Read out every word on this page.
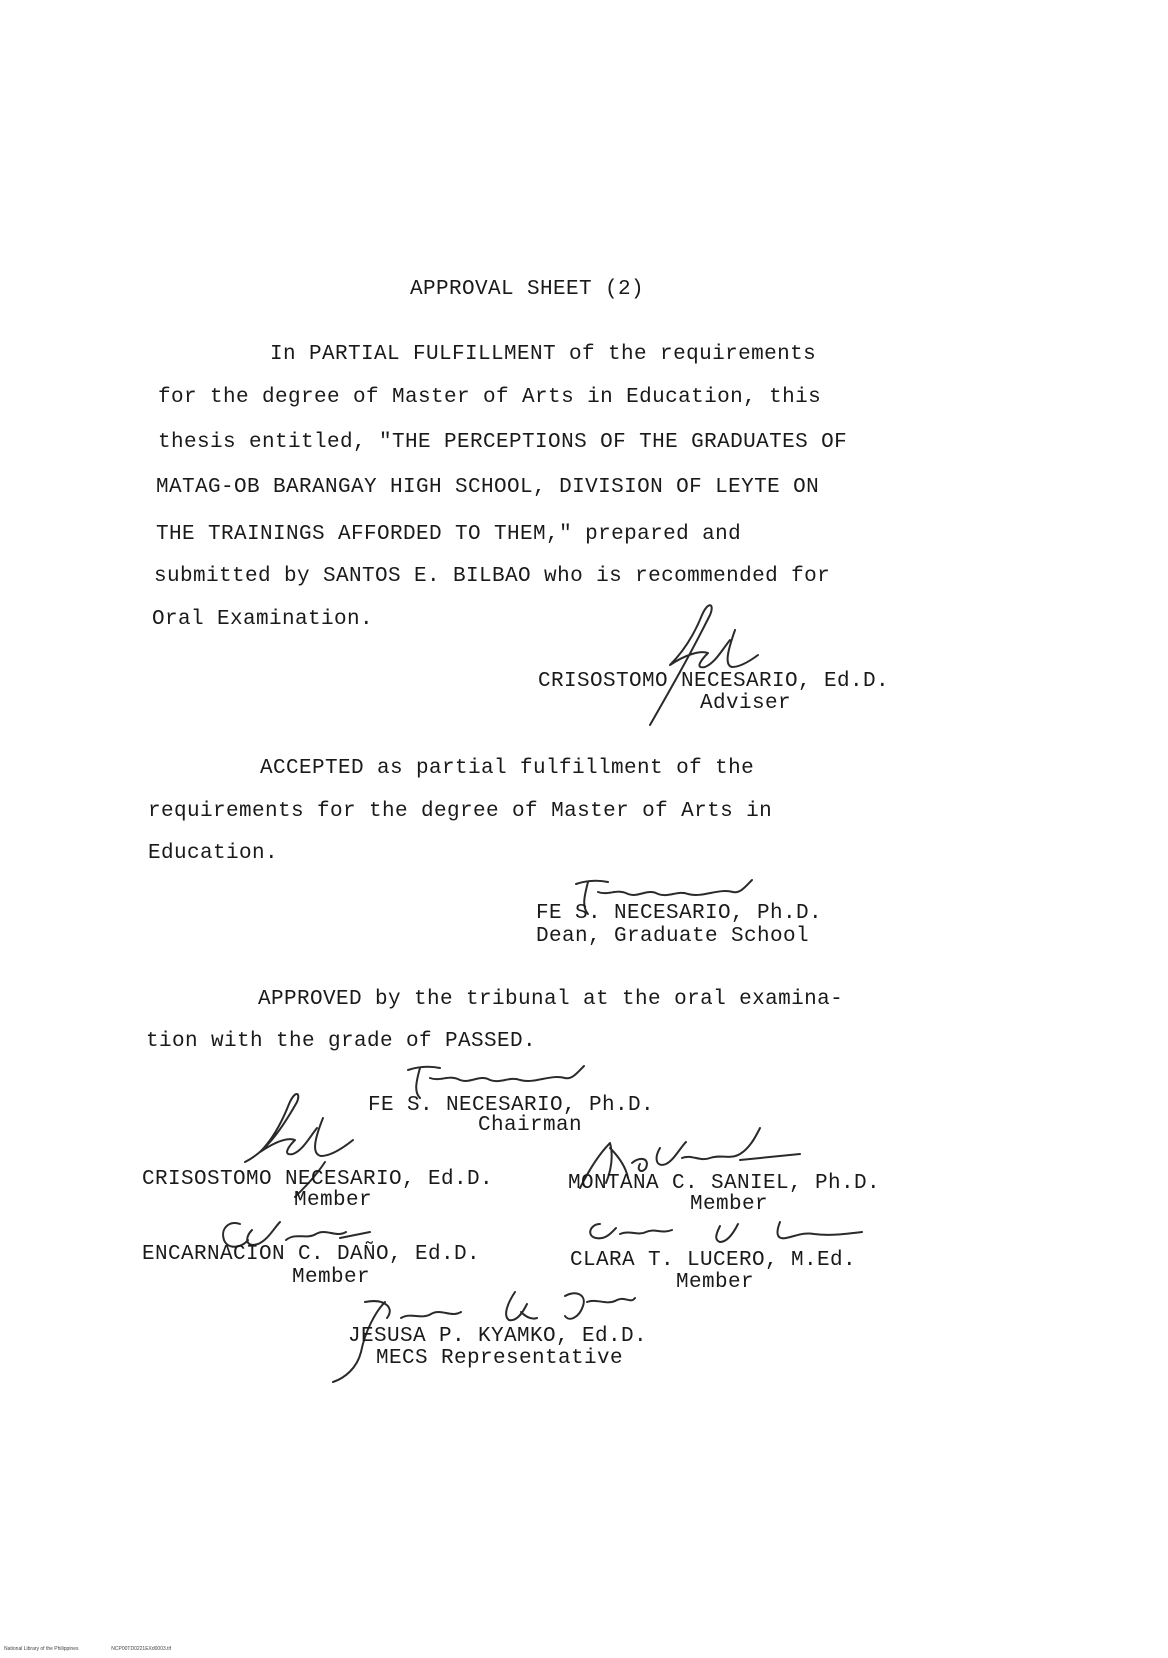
APPROVAL SHEET (2)
In PARTIAL FULFILLMENT of the requirements
for the degree of Master of Arts in Education, this
thesis entitled, "THE PERCEPTIONS OF THE GRADUATES OF
MATAG-OB BARANGAY HIGH SCHOOL, DIVISION OF LEYTE ON
THE TRAININGS AFFORDED TO THEM," prepared and
submitted by SANTOS E. BILBAO who is recommended for
Oral Examination.
CRISOSTOMO NECESARIO, Ed.D.
Adviser
ACCEPTED as partial fulfillment of the
requirements for the degree of Master of Arts in
Education.
FE S. NECESARIO, Ph.D.
Dean, Graduate School
APPROVED by the tribunal at the oral examina-
tion with the grade of PASSED.
FE S. NECESARIO, Ph.D.
Chairman
CRISOSTOMO NECESARIO, Ed.D.
Member
MONTANA C. SANIEL, Ph.D.
Member
ENCARNACION C. DAÑO, Ed.D.
Member
CLARA T. LUCERO, M.Ed.
Member
JESUSA P. KYAMKO, Ed.D.
MECS Representative
National Library of the Philippines	NCP00TD0221EXd0003.tif
